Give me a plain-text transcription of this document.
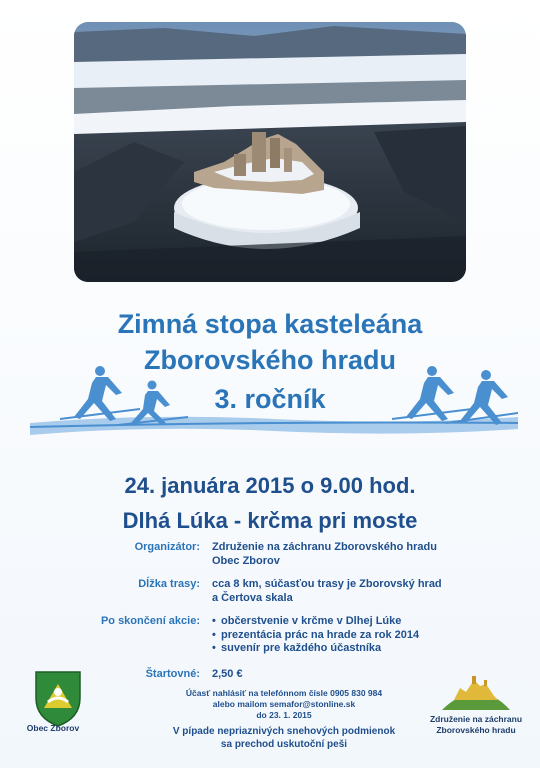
Zimná stopa kasteleána
Zborovského hradu
3. ročník
24. januára 2015 o 9.00 hod.
Dlhá Lúka - krčma pri moste
Organizátor: Združenie na záchranu Zborovského hradu
Obec Zborov
Dĺžka trasy: cca 8 km, súčasťou trasy je Zborovský hrad
a Čertova skala
Po skončení akcie:
•	občerstvenie v krčme v Dlhej Lúke
• prezentácia prác na hrade za rok 2014
• suvenír pre každého účastníka
Štartovné: 2,50 €
Účasť nahlásiť na telefónnom čísle 0905 830 984
alebo mailom semafor@stonline.sk
do 23. 1. 2015
V pípade nepriaznivých snehových podmienok
sa prechod uskutoční peši
Obec Zborov
Združenie na záchranu
Zborovského hradu
